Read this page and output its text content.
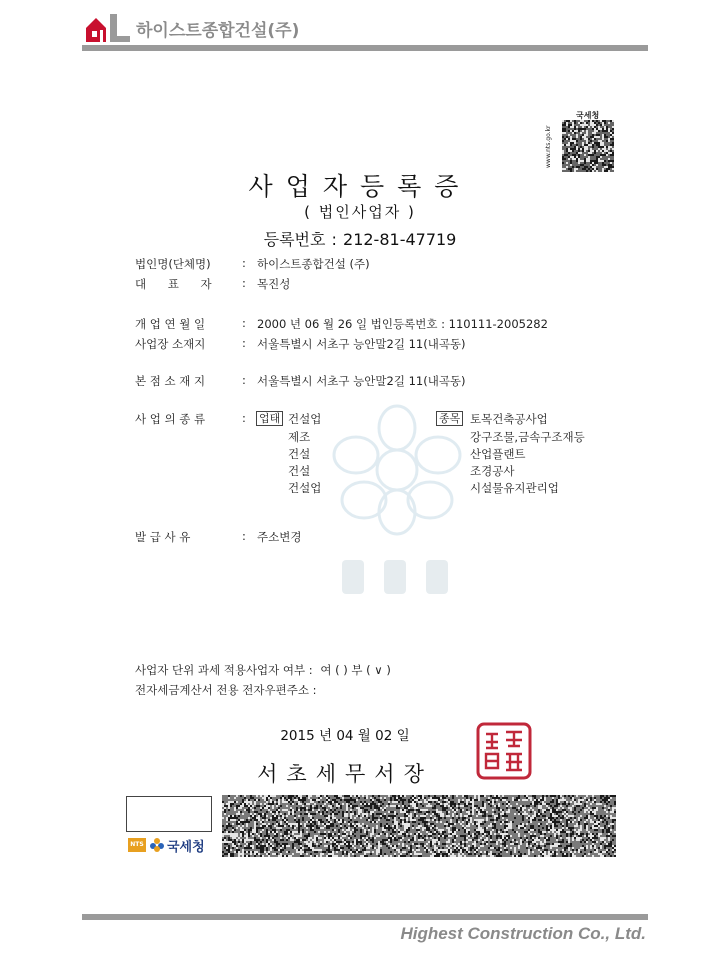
하이스트종합건설(주)
국세청
www.nts.go.kr
사업자등록증
( 법인사업자 )
등록번호 : 212-81-47719
법인명(단체명)	: 하이스트종합건설 (주)
대 표 자	: 목진성
개 업 연 월 일	: 2000 년 06 월 26 일 법인등록번호 : 110111-2005282
사업장 소재지	: 서울특별시 서초구 능안말2길 11(내곡동)
본 점 소 재 지	: 서울특별시 서초구 능안말2길 11(내곡동)
사 업 의 종 류	: 업태	종목
건설업	토목건축공사업
제조	강구조물,금속구조재등
건설	산업플랜트
건설	조경공사
건설업	시설물유지관리업
발 급 사 유	: 주소변경
사업자 단위 과세 적용사업자 여부 : 여 ( ) 부 ( ∨ )
전자세금계산서 전용 전자우편주소 :
2015 년 04 월 02 일
서초세무서장
NTS 국세청
Highest Construction Co., Ltd.
